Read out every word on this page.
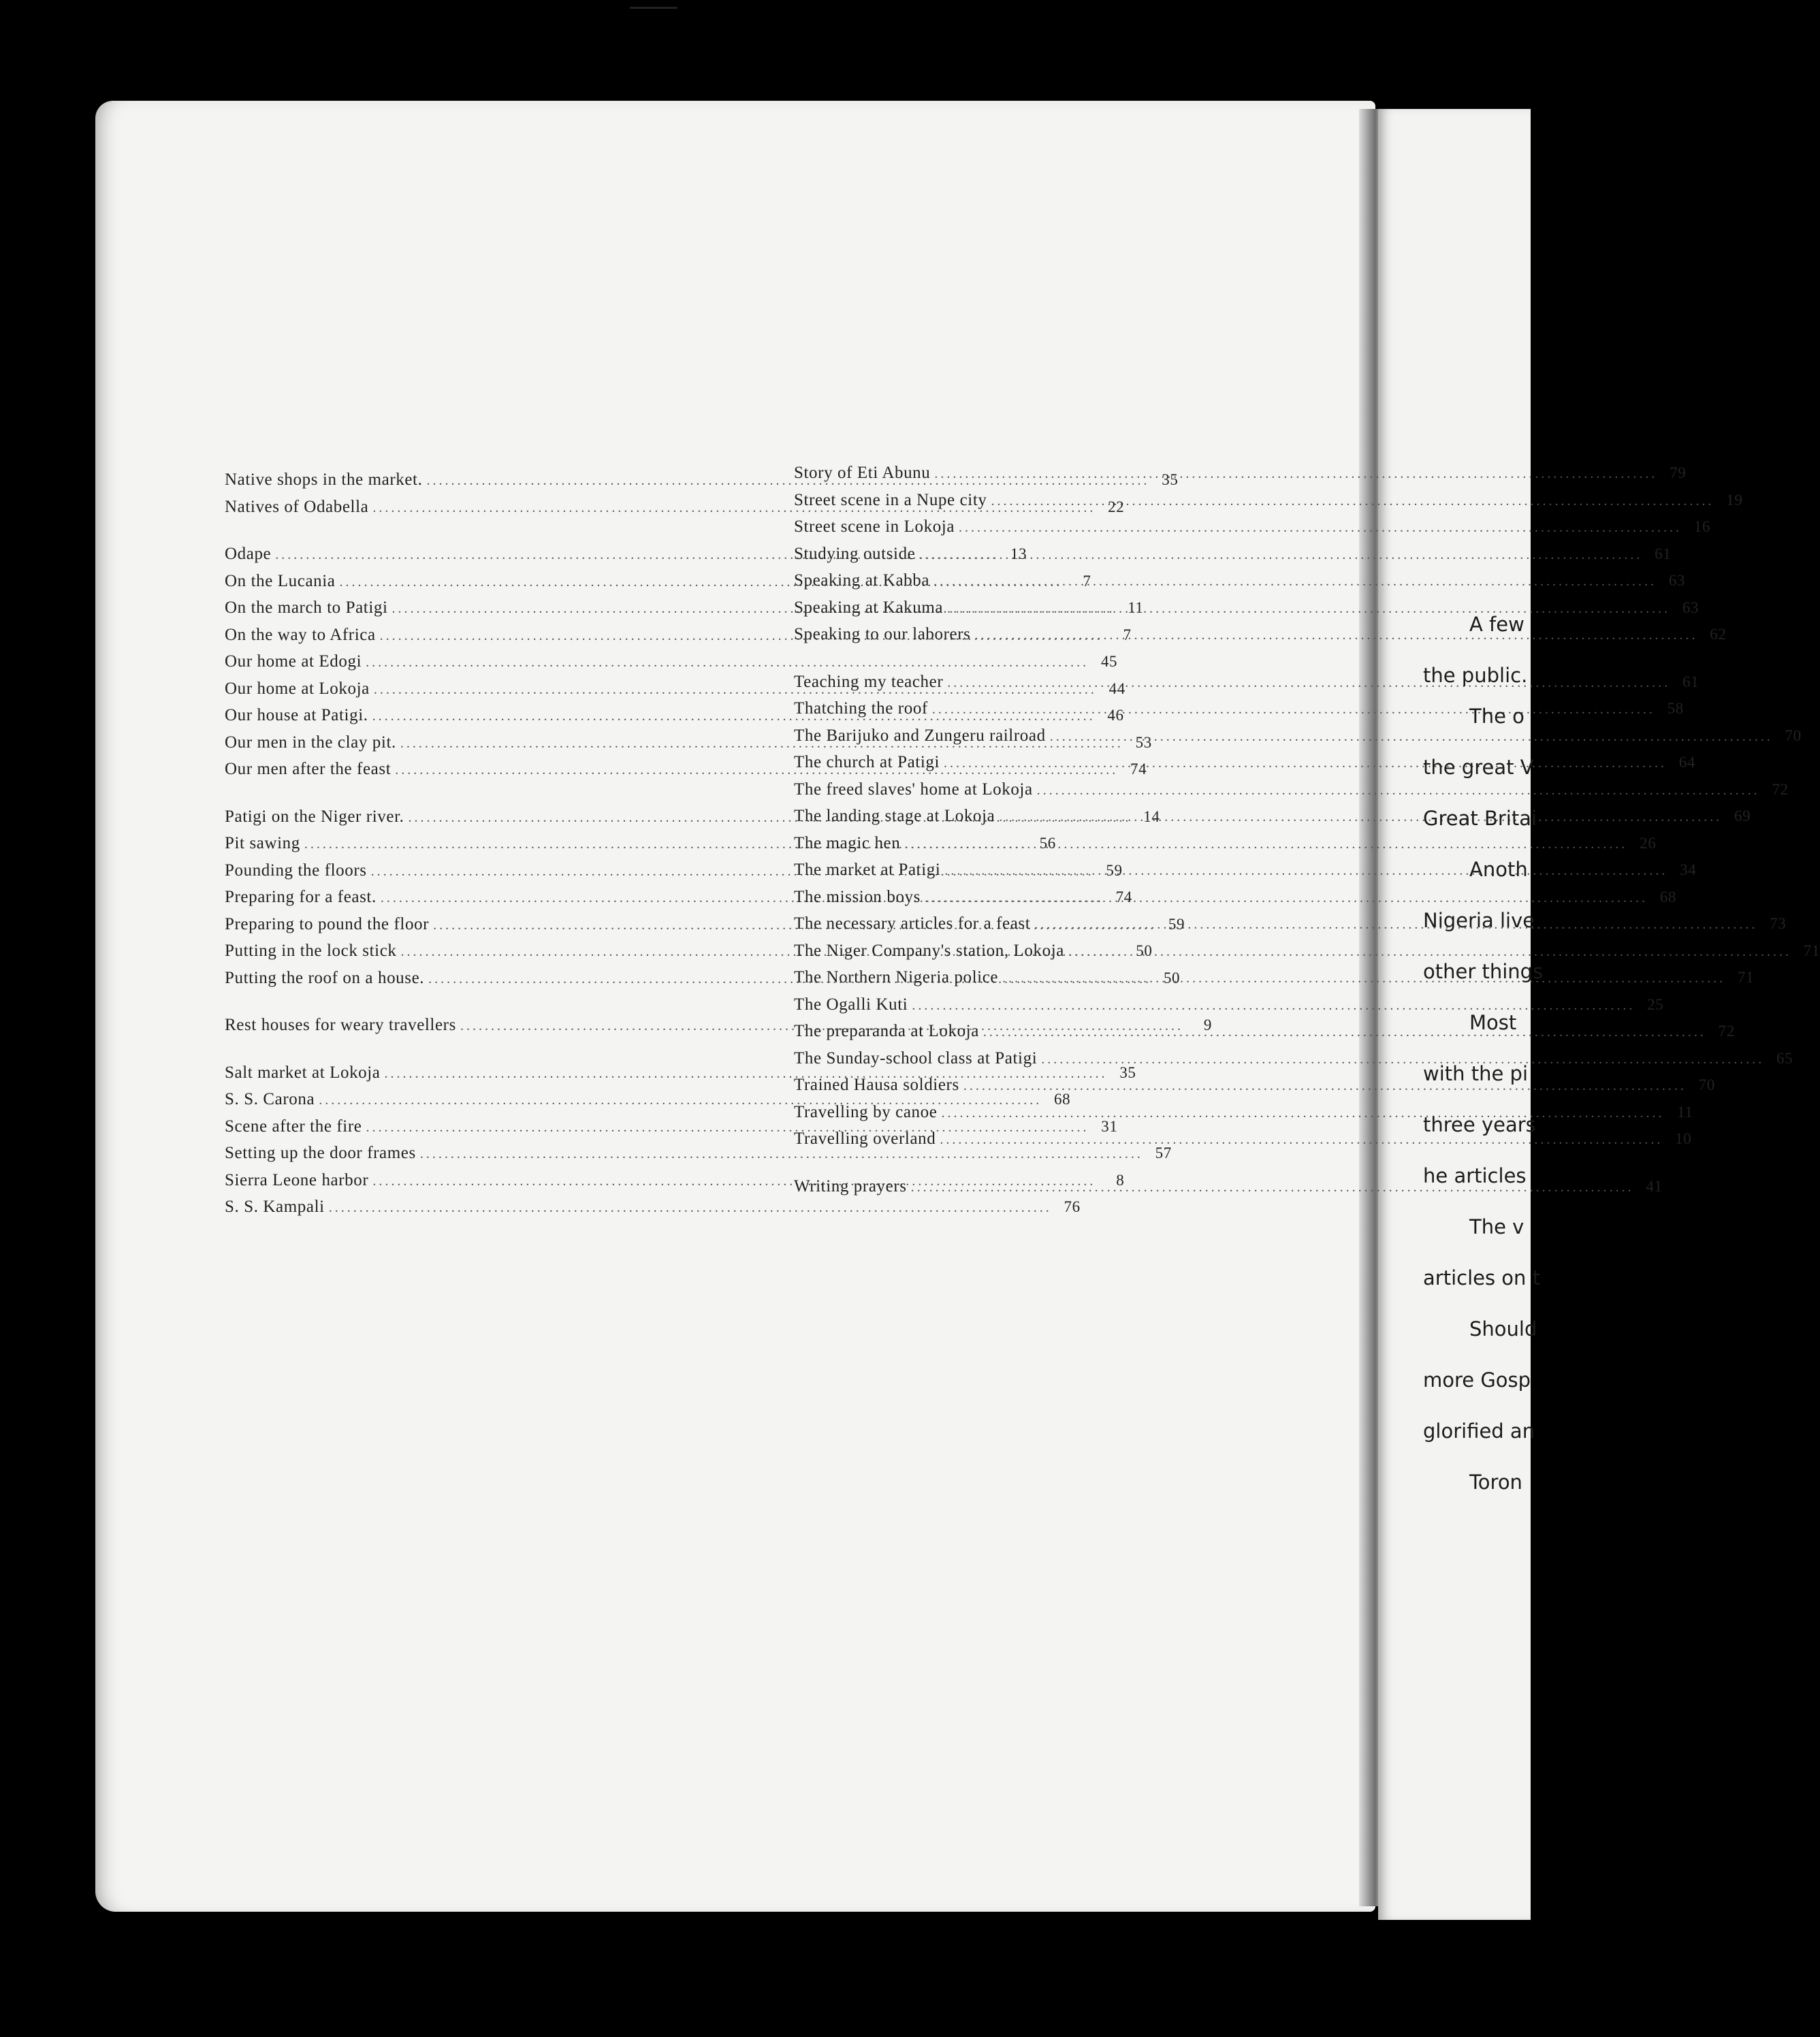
Native shops in the market. .....	35
Natives of Odabella .....	22
Odape .....	13
On the Lucania .....	7
On the march to Patigi .....	11
On the way to Africa .....	7
Our home at Edogi .....	45
Our home at Lokoja .....	44
Our house at Patigi. .....	46
Our men in the clay pit. .....	53
Our men after the feast .....	74
Patigi on the Niger river. .....	14
Pit sawing .....	56
Pounding the floors .....	59
Preparing for a feast. .....	74
Preparing to pound the floor .....	59
Putting in the lock stick .....	50
Putting the roof on a house. .....	50
Rest houses for weary travellers .....	9
Salt market at Lokoja .....	35
S. S. Carona .....	68
Scene after the fire .....	31
Setting up the door frames .....	57
Sierra Leone harbor .....	8
S. S. Kampali .....	76
Story of Eti Abunu .....	79
Street scene in a Nupe city .....	19
Street scene in Lokoja .....	16
Studying outside .....	61
Speaking at Kabba .....	63
Speaking at Kakuma .....	63
Speaking to our laborers .....	62
Teaching my teacher .....	61
Thatching the roof .....	58
The Barijuko and Zungeru railroad .....	70
The church at Patigi .....	64
The freed slaves' home at Lokoja .....	72
The landing stage at Lokoja .....	69
The magic hen .....	26
The market at Patigi .....	34
The mission boys .....	68
The necessary articles for a feast .....	73
The Niger Company's station, Lokoja .....	71
The Northern Nigeria police .....	71
The Ogalli Kuti .....	25
The preparanda at Lokoja .....	72
The Sunday-school class at Patigi .....	65
Trained Hausa soldiers .....	70
Travelling by canoe .....	11
Travelling overland .....	10
Writing prayers .....	41
A few
the public.
The o
the great V
Great Britai
Anoth
Nigeria live
other things
Most
with the pi
three years
he articles
The v
articles on t
Should
more Gosp
glorified an
Toron
